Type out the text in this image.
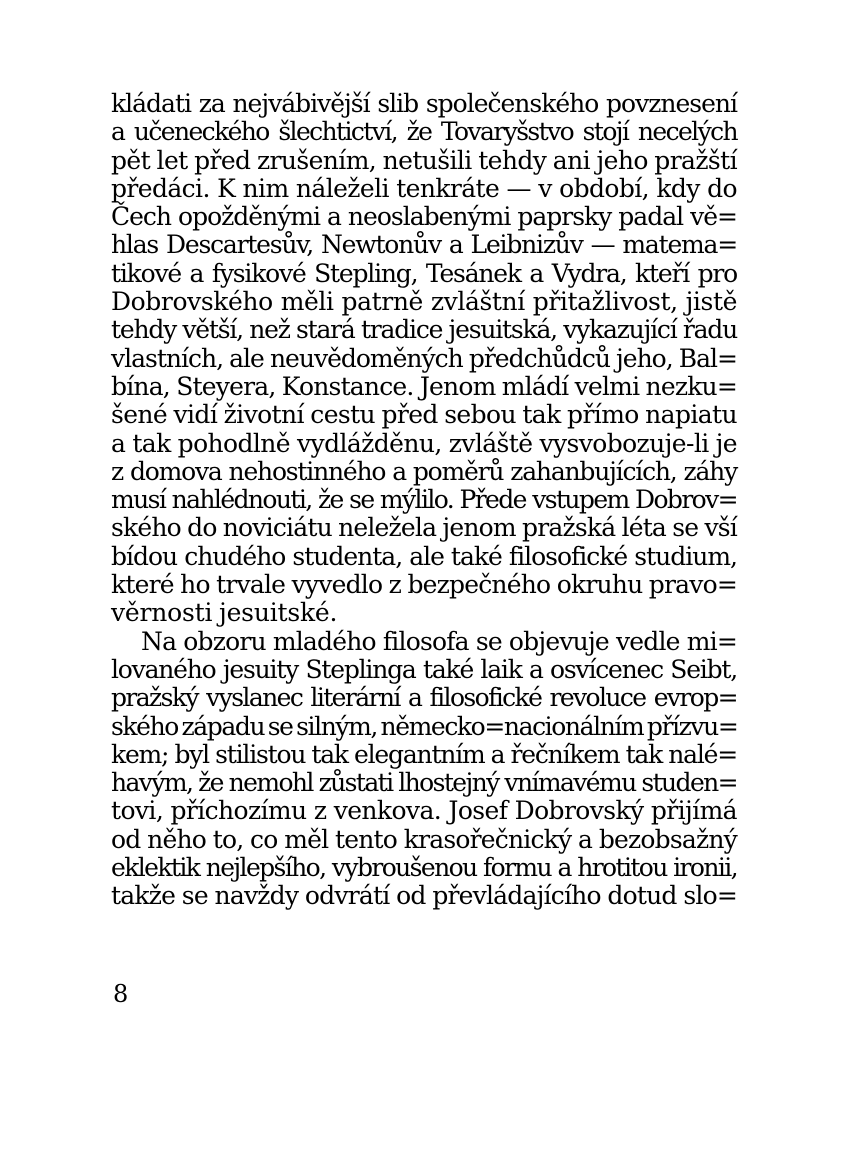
kládati za nejvábivější slib společenského povznesení
a učeneckého šlechtictví, že Tovaryšstvo stojí necelých
pět let před zrušením, netušili tehdy ani jeho pražští
předáci. K nim náleželi tenkráte — v období, kdy do
Čech opožděnými a neoslabenými paprsky padal vě=
hlas Descartesův, Newtonův a Leibnizův — matema=
tikové a fysikové Stepling, Tesánek a Vydra, kteří pro
Dobrovského měli patrně zvláštní přitažlivost, jistě
tehdy větší, než stará tradice jesuitská, vykazující řadu
vlastních, ale neuvědoměných předchůdců jeho, Bal=
bína, Steyera, Konstance. Jenom mládí velmi nezku=
šené vidí životní cestu před sebou tak přímo napiatu
a tak pohodlně vydlážděnu, zvláště vysvobozuje-li je
z domova nehostinného a poměrů zahanbujících, záhy
musí nahlédnouti, že se mýlilo. Přede vstupem Dobrov=
ského do noviciátu neležela jenom pražská léta se vší
bídou chudého studenta, ale také filosofické studium,
které ho trvale vyvedlo z bezpečného okruhu pravo=
věrnosti jesuitské.
Na obzoru mladého filosofa se objevuje vedle mi=
lovaného jesuity Steplinga také laik a osvícenec Seibt,
pražský vyslanec literární a filosofické revoluce evrop=
ského západu se silným, německo=nacionálním přízvu=
kem; byl stilistou tak elegantním a řečníkem tak nalé=
havým, že nemohl zůstati lhostejný vnímavému studen=
tovi, příchozímu z venkova. Josef Dobrovský přijímá
od něho to, co měl tento krasořečnický a bezobsažný
eklektik nejlepšího, vybroušenou formu a hrotitou ironii,
takže se navždy odvrátí od převládajícího dotud slo=
8
